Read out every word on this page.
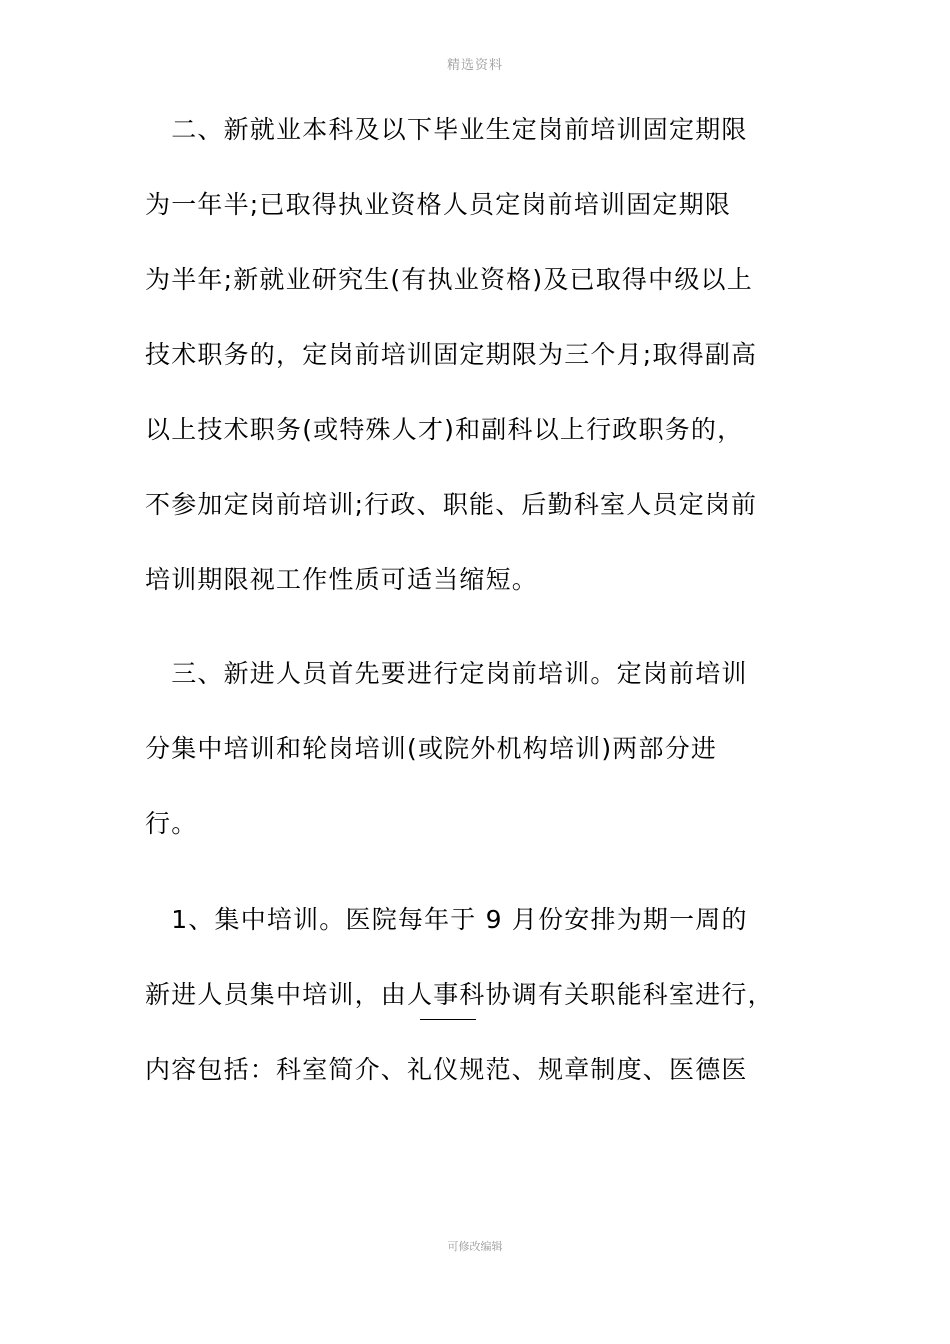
精选资料
　二、新就业本科及以下毕业生定岗前培训固定期限
为一年半;已取得执业资格人员定岗前培训固定期限
为半年;新就业研究生(有执业资格)及已取得中级以上
技术职务的，定岗前培训固定期限为三个月;取得副高
以上技术职务(或特殊人才)和副科以上行政职务的，
不参加定岗前培训;行政、职能、后勤科室人员定岗前
培训期限视工作性质可适当缩短。
　三、新进人员首先要进行定岗前培训。定岗前培训
分集中培训和轮岗培训(或院外机构培训)两部分进
行。
　1、集中培训。医院每年于 9 月份安排为期一周的
新进人员集中培训，由人事科协调有关职能科室进行，
内容包括：科室简介、礼仪规范、规章制度、医德医
可修改编辑
